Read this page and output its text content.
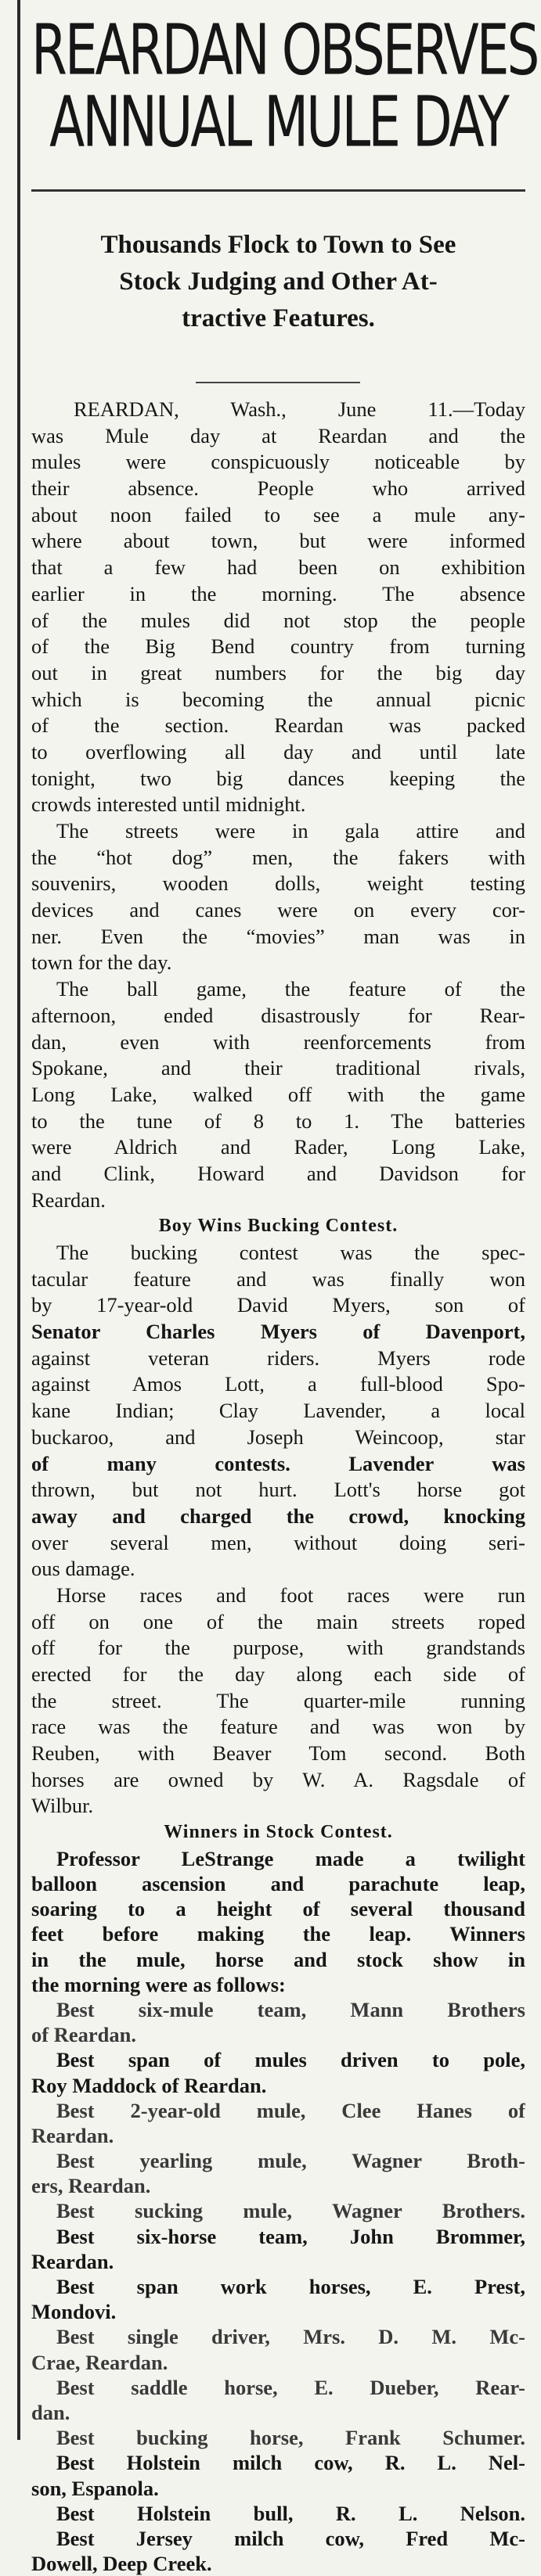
REARDAN OBSERVES
ANNUAL MULE DAY
Thousands Flock to Town to See
Stock Judging and Other At-
tractive Features.
REARDAN, Wash., June 11.—Today
was Mule day at Reardan and the
mules were conspicuously noticeable by
their absence. People who arrived
about noon failed to see a mule any-
where about town, but were informed
that a few had been on exhibition
earlier in the morning. The absence
of the mules did not stop the people
of the Big Bend country from turning
out in great numbers for the big day
which is becoming the annual picnic
of the section. Reardan was packed
to overflowing all day and until late
tonight, two big dances keeping the
crowds interested until midnight.
The streets were in gala attire and
the “hot dog” men, the fakers with
souvenirs, wooden dolls, weight testing
devices and canes were on every cor-
ner. Even the “movies” man was in
town for the day.
The ball game, the feature of the
afternoon, ended disastrously for Rear-
dan, even with reenforcements from
Spokane, and their traditional rivals,
Long Lake, walked off with the game
to the tune of 8 to 1. The batteries
were Aldrich and Rader, Long Lake,
and Clink, Howard and Davidson for
Reardan.
Boy Wins Bucking Contest.
The bucking contest was the spec-
tacular feature and was finally won
by 17-year-old David Myers, son of
Senator Charles Myers of Davenport,
against veteran riders. Myers rode
against Amos Lott, a full-blood Spo-
kane Indian; Clay Lavender, a local
buckaroo, and Joseph Weincoop, star
of many contests. Lavender was
thrown, but not hurt. Lott's horse got
away and charged the crowd, knocking
over several men, without doing seri-
ous damage.
Horse races and foot races were run
off on one of the main streets roped
off for the purpose, with grandstands
erected for the day along each side of
the street. The quarter-mile running
race was the feature and was won by
Reuben, with Beaver Tom second. Both
horses are owned by W. A. Ragsdale of
Wilbur.
Winners in Stock Contest.
Professor LeStrange made a twilight
balloon ascension and parachute leap,
soaring to a height of several thousand
feet before making the leap. Winners
in the mule, horse and stock show in
the morning were as follows:
Best six-mule team, Mann Brothers
of Reardan.
Best span of mules driven to pole,
Roy Maddock of Reardan.
Best 2-year-old mule, Clee Hanes of
Reardan.
Best yearling mule, Wagner Broth-
ers, Reardan.
Best sucking mule, Wagner Brothers.
Best six-horse team, John Brommer,
Reardan.
Best span work horses, E. Prest,
Mondovi.
Best single driver, Mrs. D. M. Mc-
Crae, Reardan.
Best saddle horse, E. Dueber, Rear-
dan.
Best bucking horse, Frank Schumer.
Best Holstein milch cow, R. L. Nel-
son, Espanola.
Best Holstein bull, R. L. Nelson.
Best Jersey milch cow, Fred Mc-
Dowell, Deep Creek.
